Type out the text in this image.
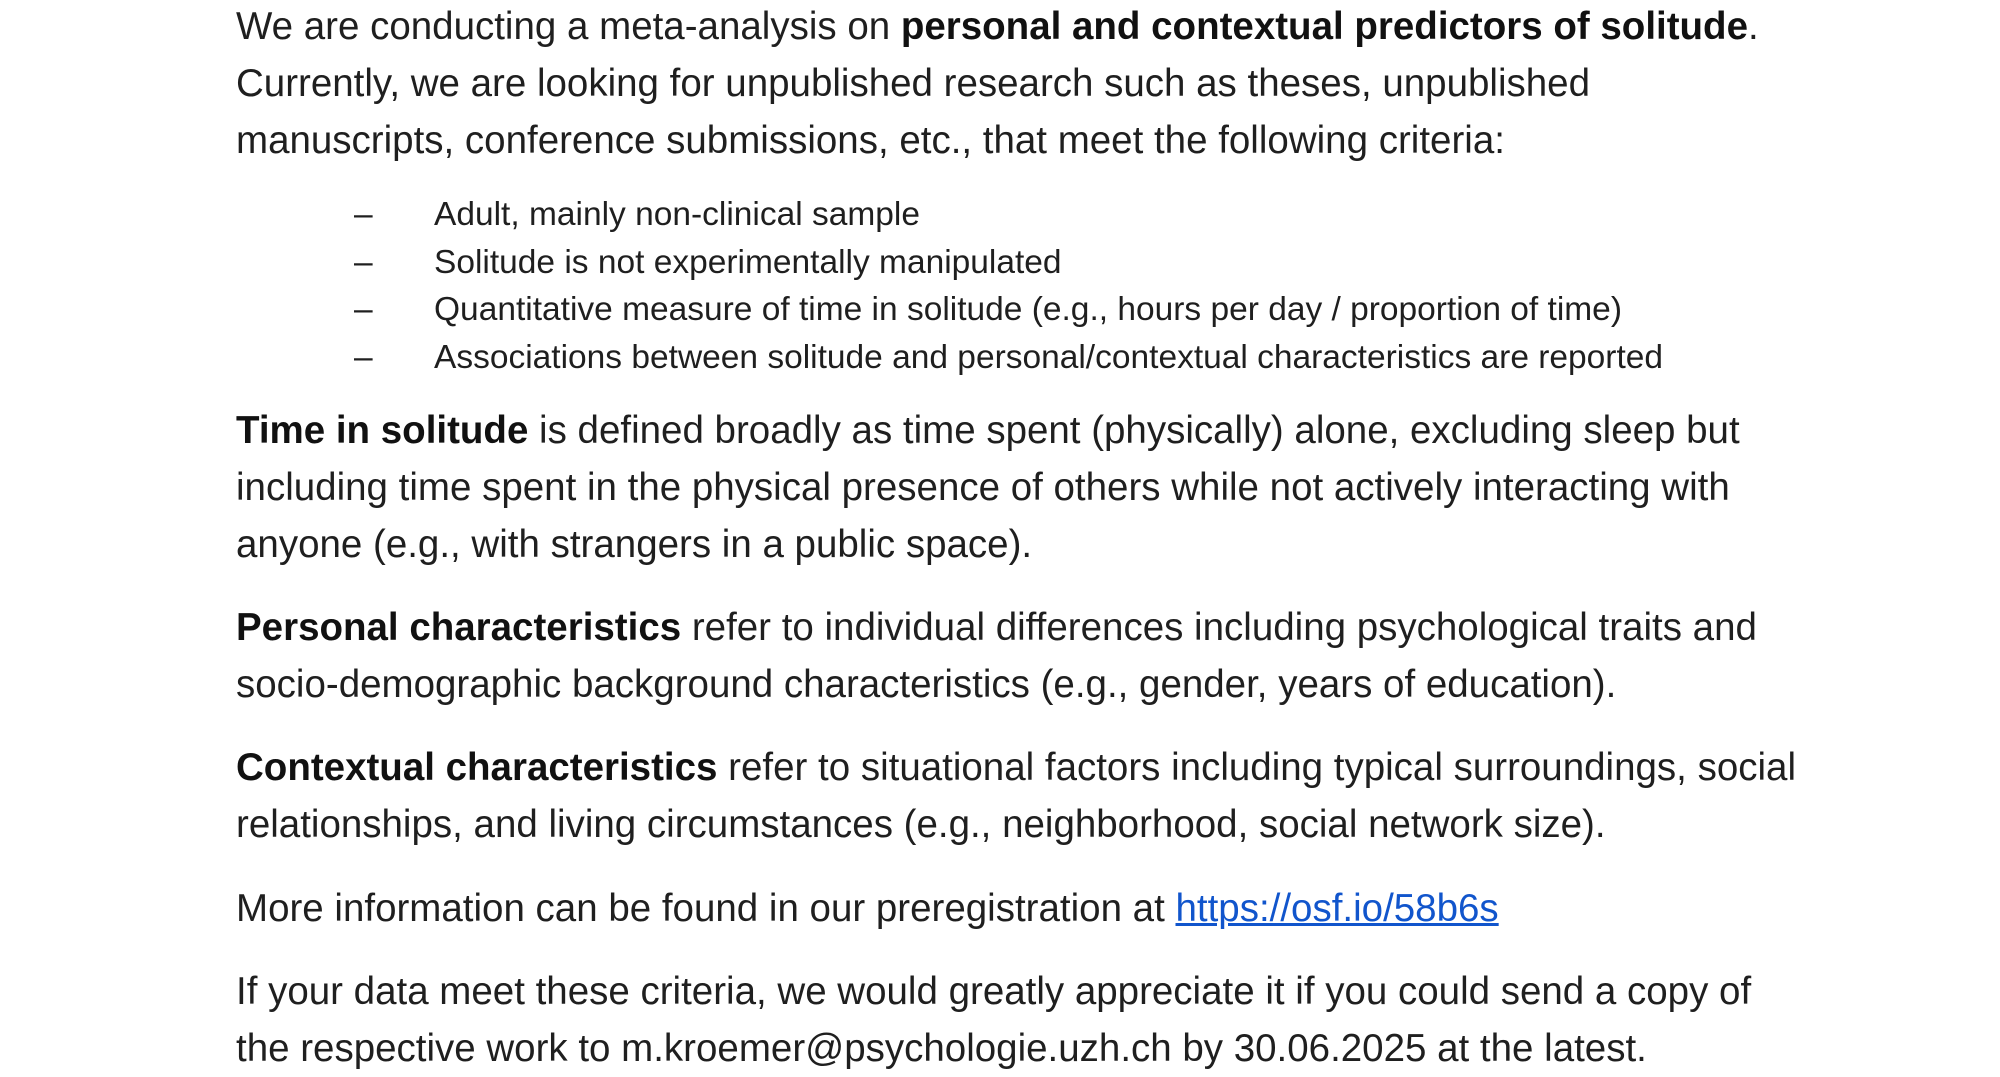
We are conducting a meta-analysis on personal and contextual predictors of solitude. Currently, we are looking for unpublished research such as theses, unpublished manuscripts, conference submissions, etc., that meet the following criteria:

– Adult, mainly non-clinical sample
– Solitude is not experimentally manipulated
– Quantitative measure of time in solitude (e.g., hours per day / proportion of time)
– Associations between solitude and personal/contextual characteristics are reported

Time in solitude is defined broadly as time spent (physically) alone, excluding sleep but including time spent in the physical presence of others while not actively interacting with anyone (e.g., with strangers in a public space).

Personal characteristics refer to individual differences including psychological traits and socio-demographic background characteristics (e.g., gender, years of education).

Contextual characteristics refer to situational factors including typical surroundings, social relationships, and living circumstances (e.g., neighborhood, social network size).

More information can be found in our preregistration at https://osf.io/58b6s

If your data meet these criteria, we would greatly appreciate it if you could send a copy of the respective work to m.kroemer@psychologie.uzh.ch by 30.06.2025 at the latest.
